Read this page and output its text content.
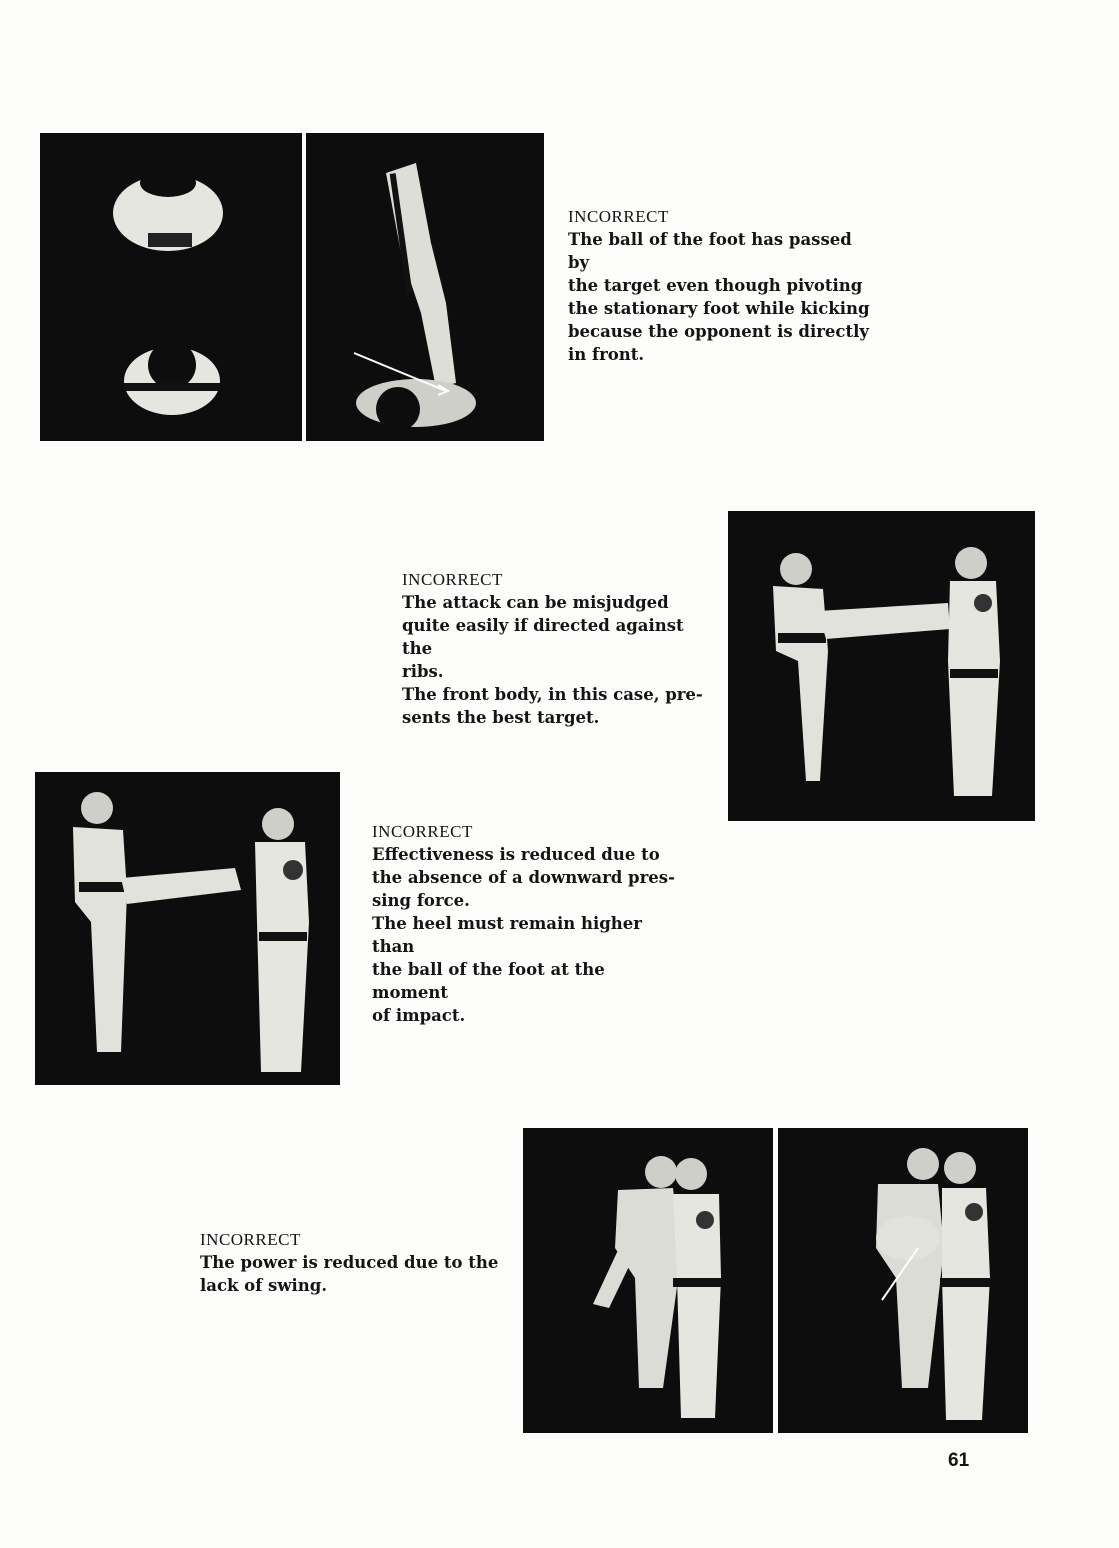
INCORRECT

The ball of the foot has passed by

the target even though pivoting

the stationary foot while kicking

because the opponent is directly

in front.

INCORRECT

The attack can be misjudged

quite easily if directed against the

ribs.

The front body, in this case, pre-

sents the best target.

INCORRECT

Effectiveness is reduced due to

the absence of a downward pres-

sing force.

The heel must remain higher than

the ball of the foot at the moment

of impact.

INCORRECT

The power is reduced due to the

lack of swing.

61
